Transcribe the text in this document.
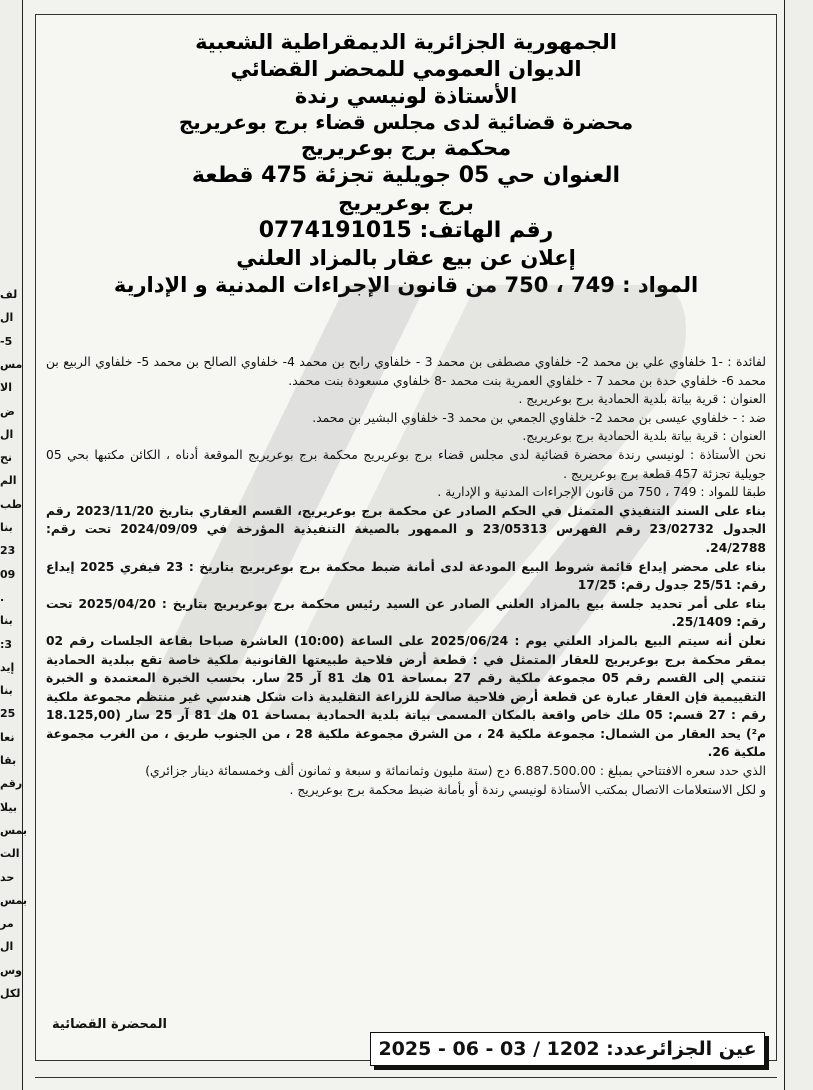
لف
ال
-5
مس
الا
ض
ال
نح
الم
طب
بنا
23
09
.
بنا
:3
إيد
بنا
25
نعا
بقا
رقم
بيلا
بمس
الت
حد
بمس
مر
ال
وس
لكل
الجمهورية الجزائرية الديمقراطية الشعبية
الديوان العمومي للمحضر القضائي
الأستاذة لونيسي رندة
محضرة قضائية لدى مجلس قضاء برج بوعريريج
محكمة برج بوعريريج
العنوان حي 05 جويلية تجزئة 475 قطعة
برج بوعريريج
رقم الهاتف: 0774191015
إعلان عن بيع عقار بالمزاد العلني
المواد : 749 ، 750 من قانون الإجراءات المدنية و الإدارية

لفائدة : -1 خلفاوي علي بن محمد 2- خلفاوي مصطفى بن محمد 3 - خلفاوي رابح بن محمد 4- خلفاوي الصالح بن محمد 5- خلفاوي الربيع بن محمد 6- خلفاوي حدة بن محمد 7 - خلفاوي العمرية بنت محمد -8 خلفاوي مسعودة بنت محمد.

العنوان : قرية بياتة بلدية الحمادية برج بوعريريج .

ضد : - خلفاوي عيسى بن محمد 2- خلفاوي الجمعي بن محمد 3- خلفاوي البشير بن محمد.

العنوان : قرية بياتة بلدية الحمادية برج بوعريريج.

نحن الأستاذة : لونيسي رندة محضرة قضائية لدى مجلس قضاء برج بوعريريج محكمة برج بوعريريج الموقعة أدناه ، الكائن مكتبها بحي 05 جويلية تجزئة 457 قطعة برج بوعريريج .

طبقا للمواد : 749 ، 750 من قانون الإجراءات المدنية و الإدارية .

بناء على السند التنفيذي المتمثل في الحكم الصادر عن محكمة برج بوعريريج، القسم العقاري بتاريخ 2023/11/20 رقم الجدول 23/02732 رقم الفهرس 23/05313 و الممهور بالصيغة التنفيذية المؤرخة في 2024/09/09 تحت رقم: 24/2788.

بناء على محضر إيداع قائمة شروط البيع المودعة لدى أمانة ضبط محكمة برج بوعريريج بتاريخ : 23 فيفري 2025 إيداع رقم: 25/51 جدول رقم: 17/25

بناء على أمر تحديد جلسة بيع بالمزاد العلني الصادر عن السيد رئيس محكمة برج بوعريريج بتاريخ : 2025/04/20 تحت رقم: 25/1409.

نعلن أنه سيتم البيع بالمزاد العلني يوم : 2025/06/24 على الساعة (10:00) العاشرة صباحا بقاعة الجلسات رقم 02 بمقر محكمة برج بوعريريج للعقار المتمثل في : قطعة أرض فلاحية طبيعتها القانونية ملكية خاصة تقع ببلدية الحمادية تنتمي إلى القسم رقم 05 مجموعة ملكية رقم 27 بمساحة 01 هك 81 آر 25 سار. بحسب الخبرة المعتمدة و الخبرة التقييمية فإن العقار عبارة عن قطعة أرض فلاحية صالحة للزراعة التقليدية ذات شكل هندسي غير منتظم مجموعة ملكية رقم : 27 قسم: 05 ملك خاص واقعة بالمكان المسمى بياتة بلدية الحمادية بمساحة 01 هك 81 آر 25 سار (18.125,00 م²) يحد العقار من الشمال: مجموعة ملكية 24 ، من الشرق مجموعة ملكية 28 ، من الجنوب طريق ، من الغرب مجموعة ملكية 26.

الذي حدد سعره الافتتاحي بمبلغ : 6.887.500.00 دج (ستة مليون وثمانمائة و سبعة و ثمانون ألف وخمسمائة دينار جزائري)

و لكل الاستعلامات الاتصال بمكتب الأستاذة لونيسي رندة أو بأمانة ضبط محكمة برج بوعريريج .

المحضرة القضائية
عين الجزائرعدد: 1202 / 03 - 06 - 2025
